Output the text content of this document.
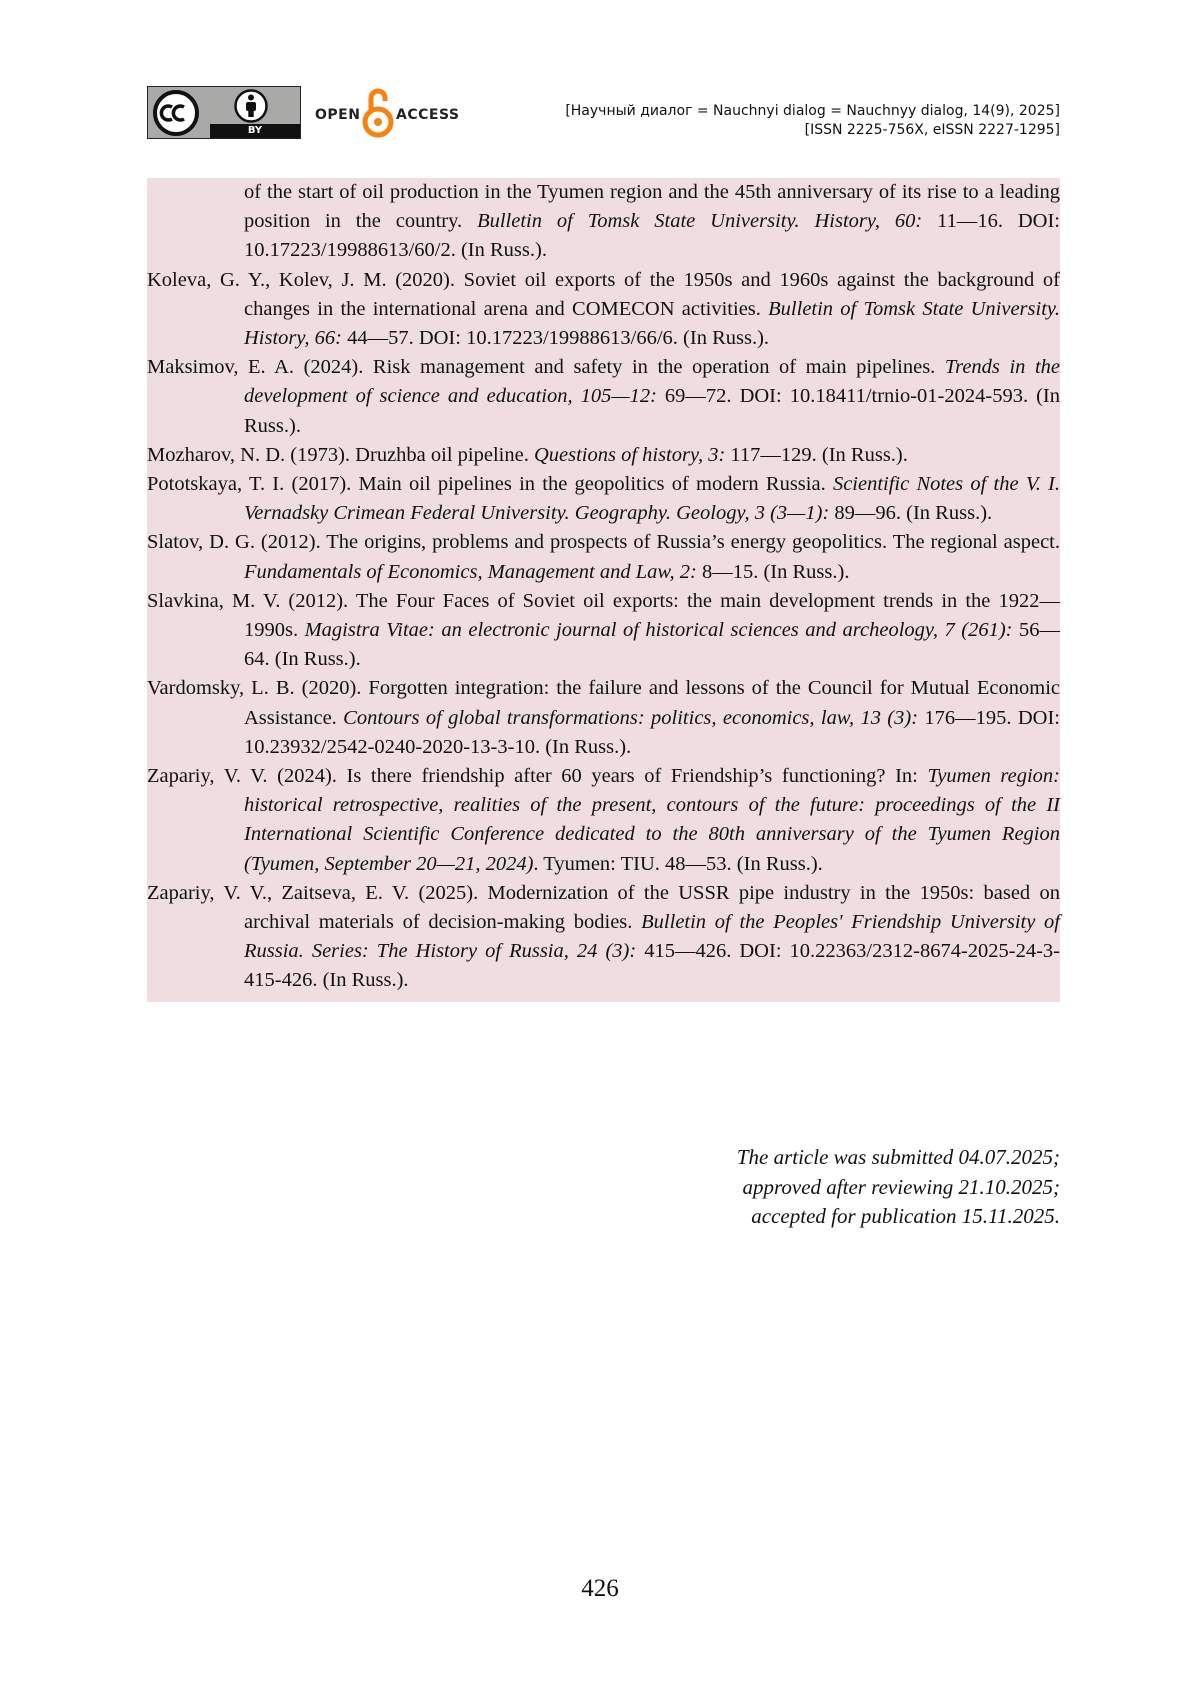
BY
OPEN	ACCESS	[Научный диалог = Nauchnyi dialog = Nauchnyy dialog, 14(9), 2025]
[ISSN 2225-756X, eISSN 2227-1295]
of the start of oil production in the Tyumen region and the 45th anniversary of its rise to a leading position in the country. Bulletin of Tomsk State University. History, 60: 11—16. DOI: 10.17223/19988613/60/2. (In Russ.).
Koleva, G. Y., Kolev, J. M. (2020). Soviet oil exports of the 1950s and 1960s against the background of changes in the international arena and COMECON activities. Bulletin of Tomsk State University. History, 66: 44—57. DOI: 10.17223/19988613/66/6. (In Russ.).
Maksimov, E. A. (2024). Risk management and safety in the operation of main pipelines. Trends in the development of science and education, 105—12: 69—72. DOI: 10.18411/trnio-01-2024-593. (In Russ.).
Mozharov, N. D. (1973). Druzhba oil pipeline. Questions of history, 3: 117—129. (In Russ.).
Pototskaya, T. I. (2017). Main oil pipelines in the geopolitics of modern Russia. Scientific Notes of the V. I. Vernadsky Crimean Federal University. Geography. Geology, 3 (3—1): 89—96. (In Russ.).
Slatov, D. G. (2012). The origins, problems and prospects of Russia’s energy geopolitics. The regional aspect. Fundamentals of Economics, Management and Law, 2: 8—15. (In Russ.).
Slavkina, M. V. (2012). The Four Faces of Soviet oil exports: the main development trends in the 1922—1990s. Magistra Vitae: an electronic journal of historical sciences and archeology, 7 (261): 56—64. (In Russ.).
Vardomsky, L. B. (2020). Forgotten integration: the failure and lessons of the Council for Mutual Economic Assistance. Contours of global transformations: politics, economics, law, 13 (3): 176—195. DOI: 10.23932/2542-0240-2020-13-3-10. (In Russ.).
Zapariy, V. V. (2024). Is there friendship after 60 years of Friendship’s functioning? In: Tyumen region: historical retrospective, realities of the present, contours of the future: proceedings of the II International Scientific Conference dedicated to the 80th anniversary of the Tyumen Region (Tyumen, September 20—21, 2024). Tyumen: TIU. 48—53. (In Russ.).
Zapariy, V. V., Zaitseva, E. V. (2025). Modernization of the USSR pipe industry in the 1950s: based on archival materials of decision-making bodies. Bulletin of the Peoples' Friendship University of Russia. Series: The History of Russia, 24 (3): 415—426. DOI: 10.22363/2312-8674-2025-24-3-415-426. (In Russ.).
The article was submitted 04.07.2025;
approved after reviewing 21.10.2025;
accepted for publication 15.11.2025.
426
